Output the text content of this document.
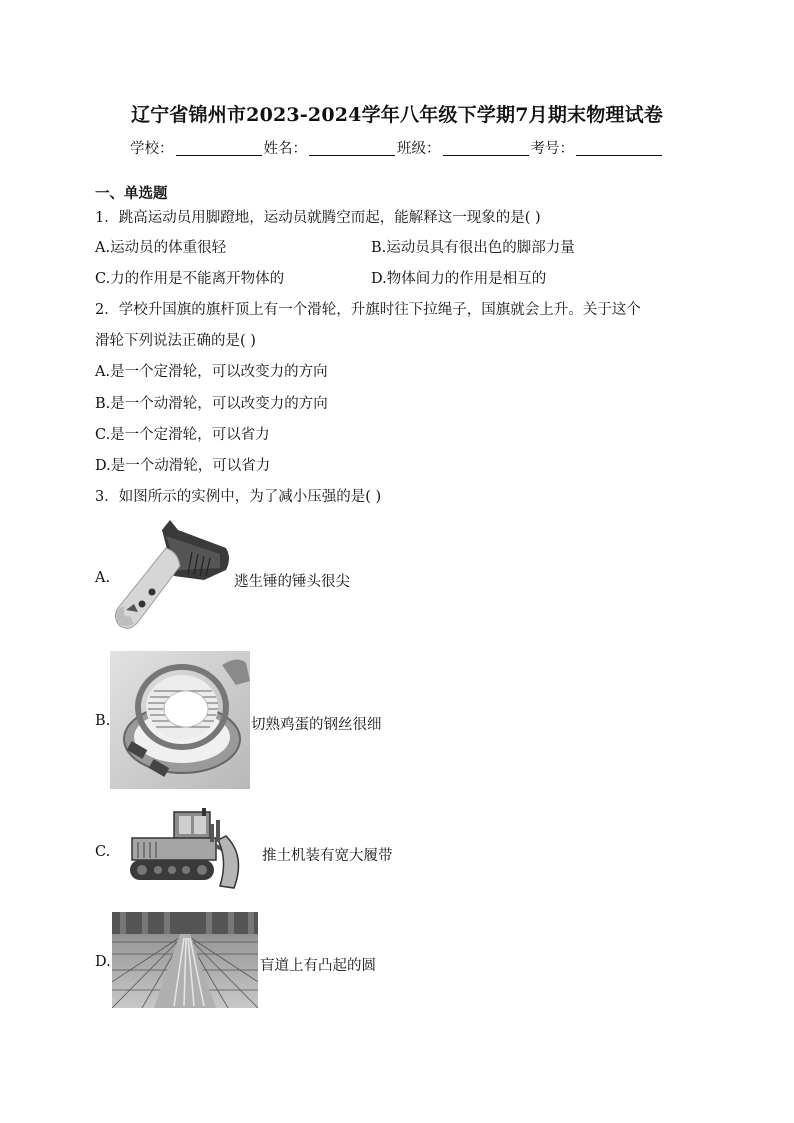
辽宁省锦州市2023-2024学年八年级下学期7月期末物理试卷
学校：	姓名：	班级：	考号：
一、单选题
1．跳高运动员用脚蹬地，运动员就腾空而起，能解释这一现象的是( )
A.运动员的体重很轻	B.运动员具有很出色的脚部力量
C.力的作用是不能离开物体的	D.物体间力的作用是相互的
2．学校升国旗的旗杆顶上有一个滑轮，升旗时往下拉绳子，国旗就会上升。关于这个
滑轮下列说法正确的是( )
A.是一个定滑轮，可以改变力的方向
B.是一个动滑轮，可以改变力的方向
C.是一个定滑轮，可以省力
D.是一个动滑轮，可以省力
3．如图所示的实例中，为了减小压强的是( )
A.	逃生锤的锤头很尖
B.	切熟鸡蛋的钢丝很细
C.	推土机装有宽大履带
D.	盲道上有凸起的圆
